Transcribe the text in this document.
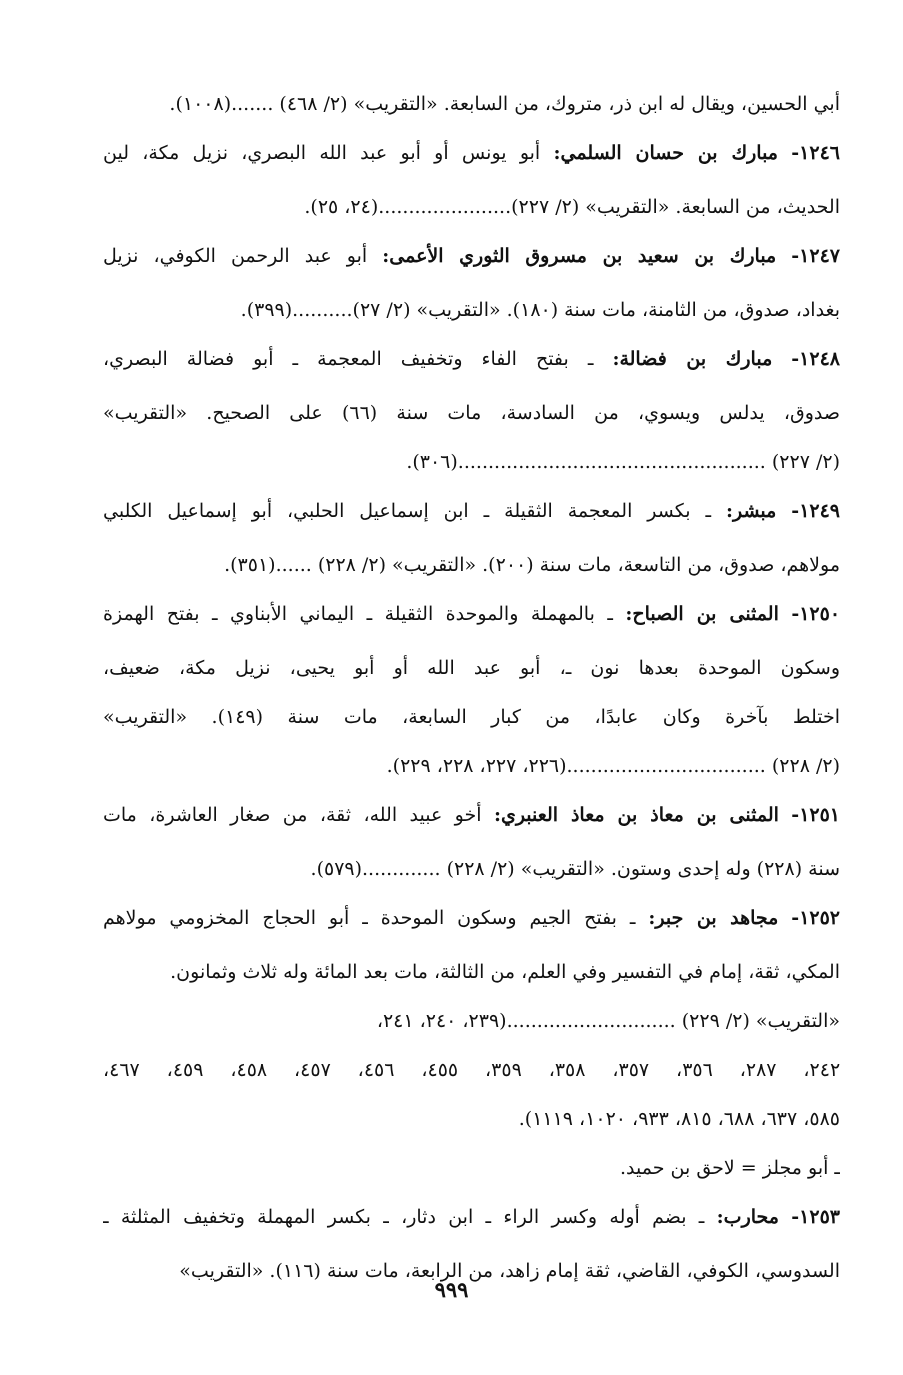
أبي الحسين، ويقال له ابن ذر، متروك، من السابعة. «التقريب» (٢/ ٤٦٨) .......(١٠٠٨).
١٢٤٦- مبارك بن حسان السلمي: أبو يونس أو أبو عبد الله البصري، نزيل مكة، لين
الحديث، من السابعة. «التقريب» (٢/ ٢٢٧)......................(٢٤، ٢٥).
١٢٤٧- مبارك بن سعيد بن مسروق الثوري الأعمى: أبو عبد الرحمن الكوفي، نزيل
بغداد، صدوق، من الثامنة، مات سنة (١٨٠). «التقريب» (٢/ ٢٧)..........(٣٩٩).
١٢٤٨- مبارك بن فضالة: ـ بفتح الفاء وتخفيف المعجمة ـ أبو فضالة البصري،
صدوق، يدلس ويسوي، من السادسة، مات سنة (٦٦) على الصحيح. «التقريب»
(٢/ ٢٢٧) ...................................................(٣٠٦).
١٢٤٩- مبشر: ـ بكسر المعجمة الثقيلة ـ ابن إسماعيل الحلبي، أبو إسماعيل الكلبي
مولاهم، صدوق، من التاسعة، مات سنة (٢٠٠). «التقريب» (٢/ ٢٢٨) ......(٣٥١).
١٢٥٠- المثنى بن الصباح: ـ بالمهملة والموحدة الثقيلة ـ اليماني الأبناوي ـ بفتح الهمزة
وسكون الموحدة بعدها نون ـ، أبو عبد الله أو أبو يحيى، نزيل مكة، ضعيف،
اختلط بآخرة وكان عابدًا، من كبار السابعة، مات سنة (١٤٩). «التقريب»
(٢/ ٢٢٨) .................................(٢٢٦، ٢٢٧، ٢٢٨، ٢٢٩).
١٢٥١- المثنى بن معاذ بن معاذ العنبري: أخو عبيد الله، ثقة، من صغار العاشرة، مات
سنة (٢٢٨) وله إحدى وستون. «التقريب» (٢/ ٢٢٨) .............(٥٧٩).
١٢٥٢- مجاهد بن جبر: ـ بفتح الجيم وسكون الموحدة ـ أبو الحجاج المخزومي مولاهم
المكي، ثقة، إمام في التفسير وفي العلم، من الثالثة، مات بعد المائة وله ثلاث وثمانون.
«التقريب» (٢/ ٢٢٩) ............................(٢٣٩، ٢٤٠، ٢٤١،
٢٤٢، ٢٨٧، ٣٥٦، ٣٥٧، ٣٥٨، ٣٥٩، ٤٥٥، ٤٥٦، ٤٥٧، ٤٥٨، ٤٥٩، ٤٦٧،
٥٨٥، ٦٣٧، ٦٨٨، ٨١٥، ٩٣٣، ١٠٢٠، ١١١٩).
ـ أبو مجلز = لاحق بن حميد.
١٢٥٣- محارب: ـ بضم أوله وكسر الراء ـ ابن دثار، ـ بكسر المهملة وتخفيف المثلثة ـ
السدوسي، الكوفي، القاضي، ثقة إمام زاهد، من الرابعة، مات سنة (١١٦). «التقريب»
٩٩٩
